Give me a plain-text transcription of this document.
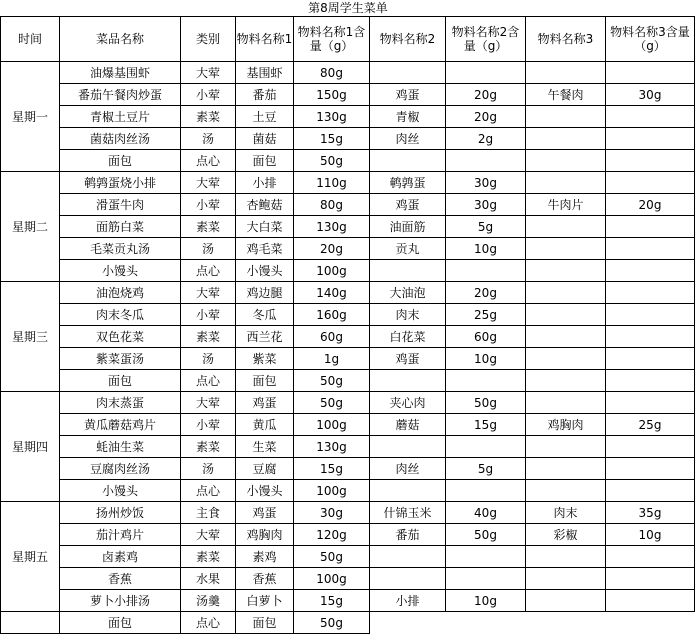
第8周学生菜单
时间	菜品名称	类别	物料名称1	物料名称1含量（g）	物料名称2	物料名称2含量（g）	物料名称3	物料名称3含量（g）
星期一	油爆基围虾	大荤	基围虾	80g				
	番茄午餐肉炒蛋	小荤	番茄	150g	鸡蛋	20g	午餐肉	30g
	青椒土豆片	素菜	土豆	130g	青椒	20g		
	菌菇肉丝汤	汤	菌菇	15g	肉丝	2g		
	面包	点心	面包	50g				
星期二	鹌鹑蛋烧小排	大荤	小排	110g	鹌鹑蛋	30g		
	滑蛋牛肉	小荤	杏鲍菇	80g	鸡蛋	30g	牛肉片	20g
	面筋白菜	素菜	大白菜	130g	油面筋	5g		
	毛菜贡丸汤	汤	鸡毛菜	20g	贡丸	10g		
	小馒头	点心	小馒头	100g				
星期三	油泡烧鸡	大荤	鸡边腿	140g	大油泡	20g		
	肉末冬瓜	小荤	冬瓜	160g	肉末	25g		
	双色花菜	素菜	西兰花	60g	白花菜	60g		
	紫菜蛋汤	汤	紫菜	1g	鸡蛋	10g		
	面包	点心	面包	50g				
星期四	肉末蒸蛋	大荤	鸡蛋	50g	夹心肉	50g		
	黄瓜蘑菇鸡片	小荤	黄瓜	100g	蘑菇	15g	鸡胸肉	25g
	蚝油生菜	素菜	生菜	130g				
	豆腐肉丝汤	汤	豆腐	15g	肉丝	5g		
	小馒头	点心	小馒头	100g				
星期五	扬州炒饭	主食	鸡蛋	30g	什锦玉米	40g	肉末	35g
	茄汁鸡片	大荤	鸡胸肉	120g	番茄	50g	彩椒	10g
	卤素鸡	素菜	素鸡	50g				
	香蕉	水果	香蕉	100g				
	萝卜小排汤	汤羹	白萝卜	15g	小排	10g		
	面包	点心	面包	50g				
